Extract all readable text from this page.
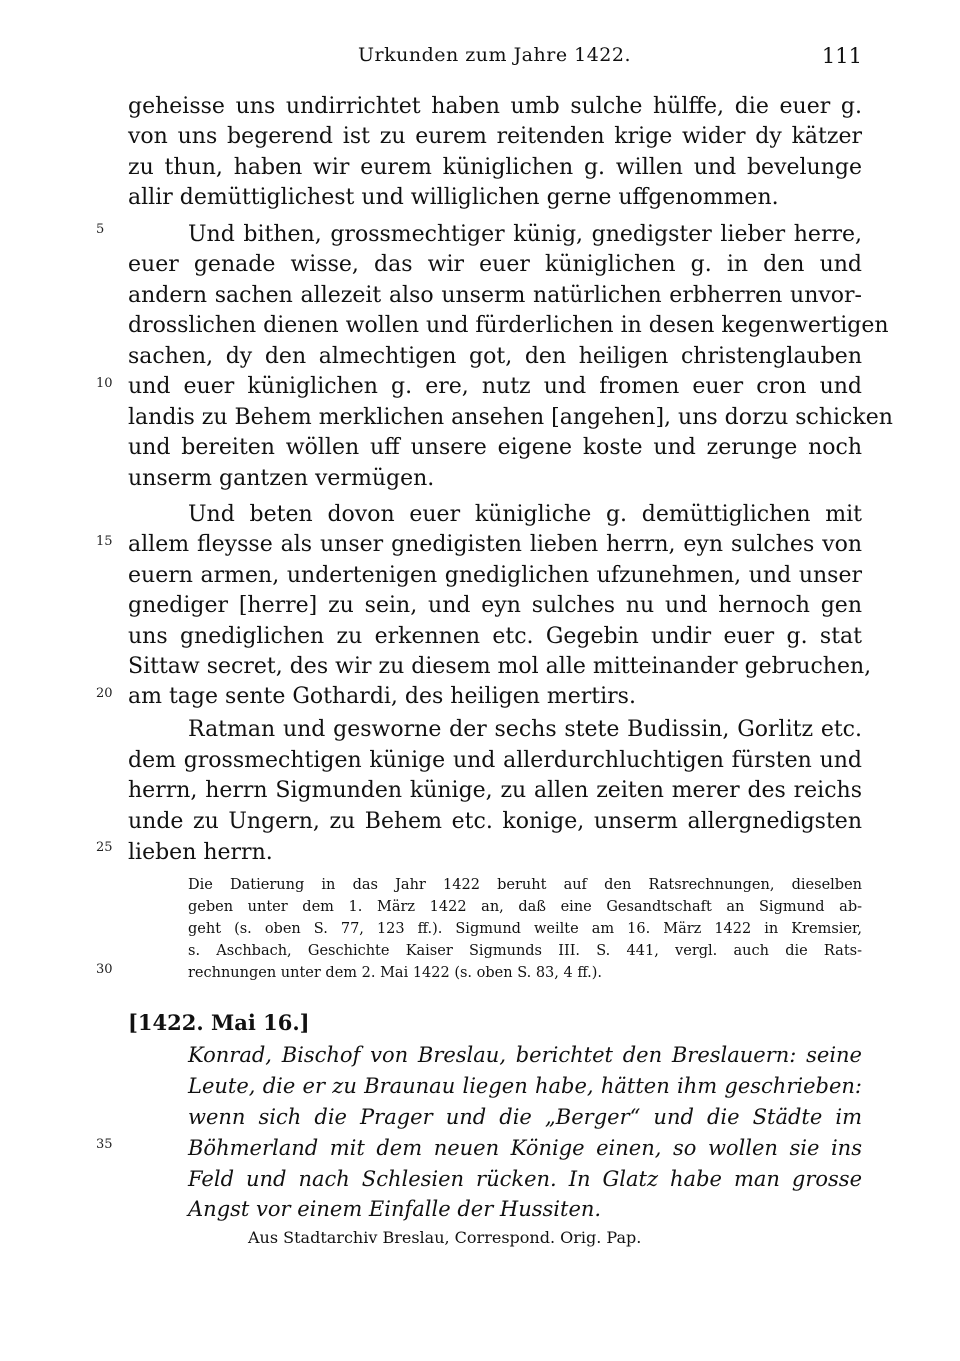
Urkunden zum Jahre 1422.	111
5
10
15
20
25
30
35
geheisse uns undirrichtet haben umb sulche hülffe, die euer g.
von uns begerend ist zu eurem reitenden krige wider dy kätzer
zu thun, haben wir eurem küniglichen g. willen und bevelunge
allir demüttiglichest und williglichen gerne uffgenommen.
Und bithen, grossmechtiger künig, gnedigster lieber herre,
euer genade wisse, das wir euer küniglichen g. in den und
andern sachen allezeit also unserm natürlichen erbherren unvor-
drosslichen dienen wollen und fürderlichen in desen kegenwertigen
sachen, dy den almechtigen got, den heiligen christenglauben
und euer küniglichen g. ere, nutz und fromen euer cron und
landis zu Behem merklichen ansehen [angehen], uns dorzu schicken
und bereiten wöllen uff unsere eigene koste und zerunge noch
unserm gantzen vermügen.
Und beten dovon euer künigliche g. demüttiglichen mit
allem fleysse als unser gnedigisten lieben herrn, eyn sulches von
euern armen, undertenigen gnediglichen ufzunehmen, und unser
gnediger [herre] zu sein, und eyn sulches nu und hernoch gen
uns gnediglichen zu erkennen etc. Gegebin undir euer g. stat
Sittaw secret, des wir zu diesem mol alle mitteinander gebruchen,
am tage sente Gothardi, des heiligen mertirs.
Ratman und gesworne der sechs stete Budissin, Gorlitz etc.
dem grossmechtigen künige und allerdurchluchtigen fürsten und
herrn, herrn Sigmunden künige, zu allen zeiten merer des reichs
unde zu Ungern, zu Behem etc. konige, unserm allergnedigsten
lieben herrn.
Die Datierung in das Jahr 1422 beruht auf den Ratsrechnungen, dieselben
geben unter dem 1. März 1422 an, daß eine Gesandtschaft an Sigmund ab-
geht (s. oben S. 77, 123 ff.). Sigmund weilte am 16. März 1422 in Kremsier,
s. Aschbach, Geschichte Kaiser Sigmunds III. S. 441, vergl. auch die Rats-
rechnungen unter dem 2. Mai 1422 (s. oben S. 83, 4 ff.).
[1422. Mai 16.]
Konrad, Bischof von Breslau, berichtet den Breslauern: seine
Leute, die er zu Braunau liegen habe, hätten ihm geschrieben:
wenn sich die Prager und die „Berger“ und die Städte im
Böhmerland mit dem neuen Könige einen, so wollen sie ins
Feld und nach Schlesien rücken. In Glatz habe man grosse
Angst vor einem Einfalle der Hussiten.
Aus Stadtarchiv Breslau, Correspond. Orig. Pap.
